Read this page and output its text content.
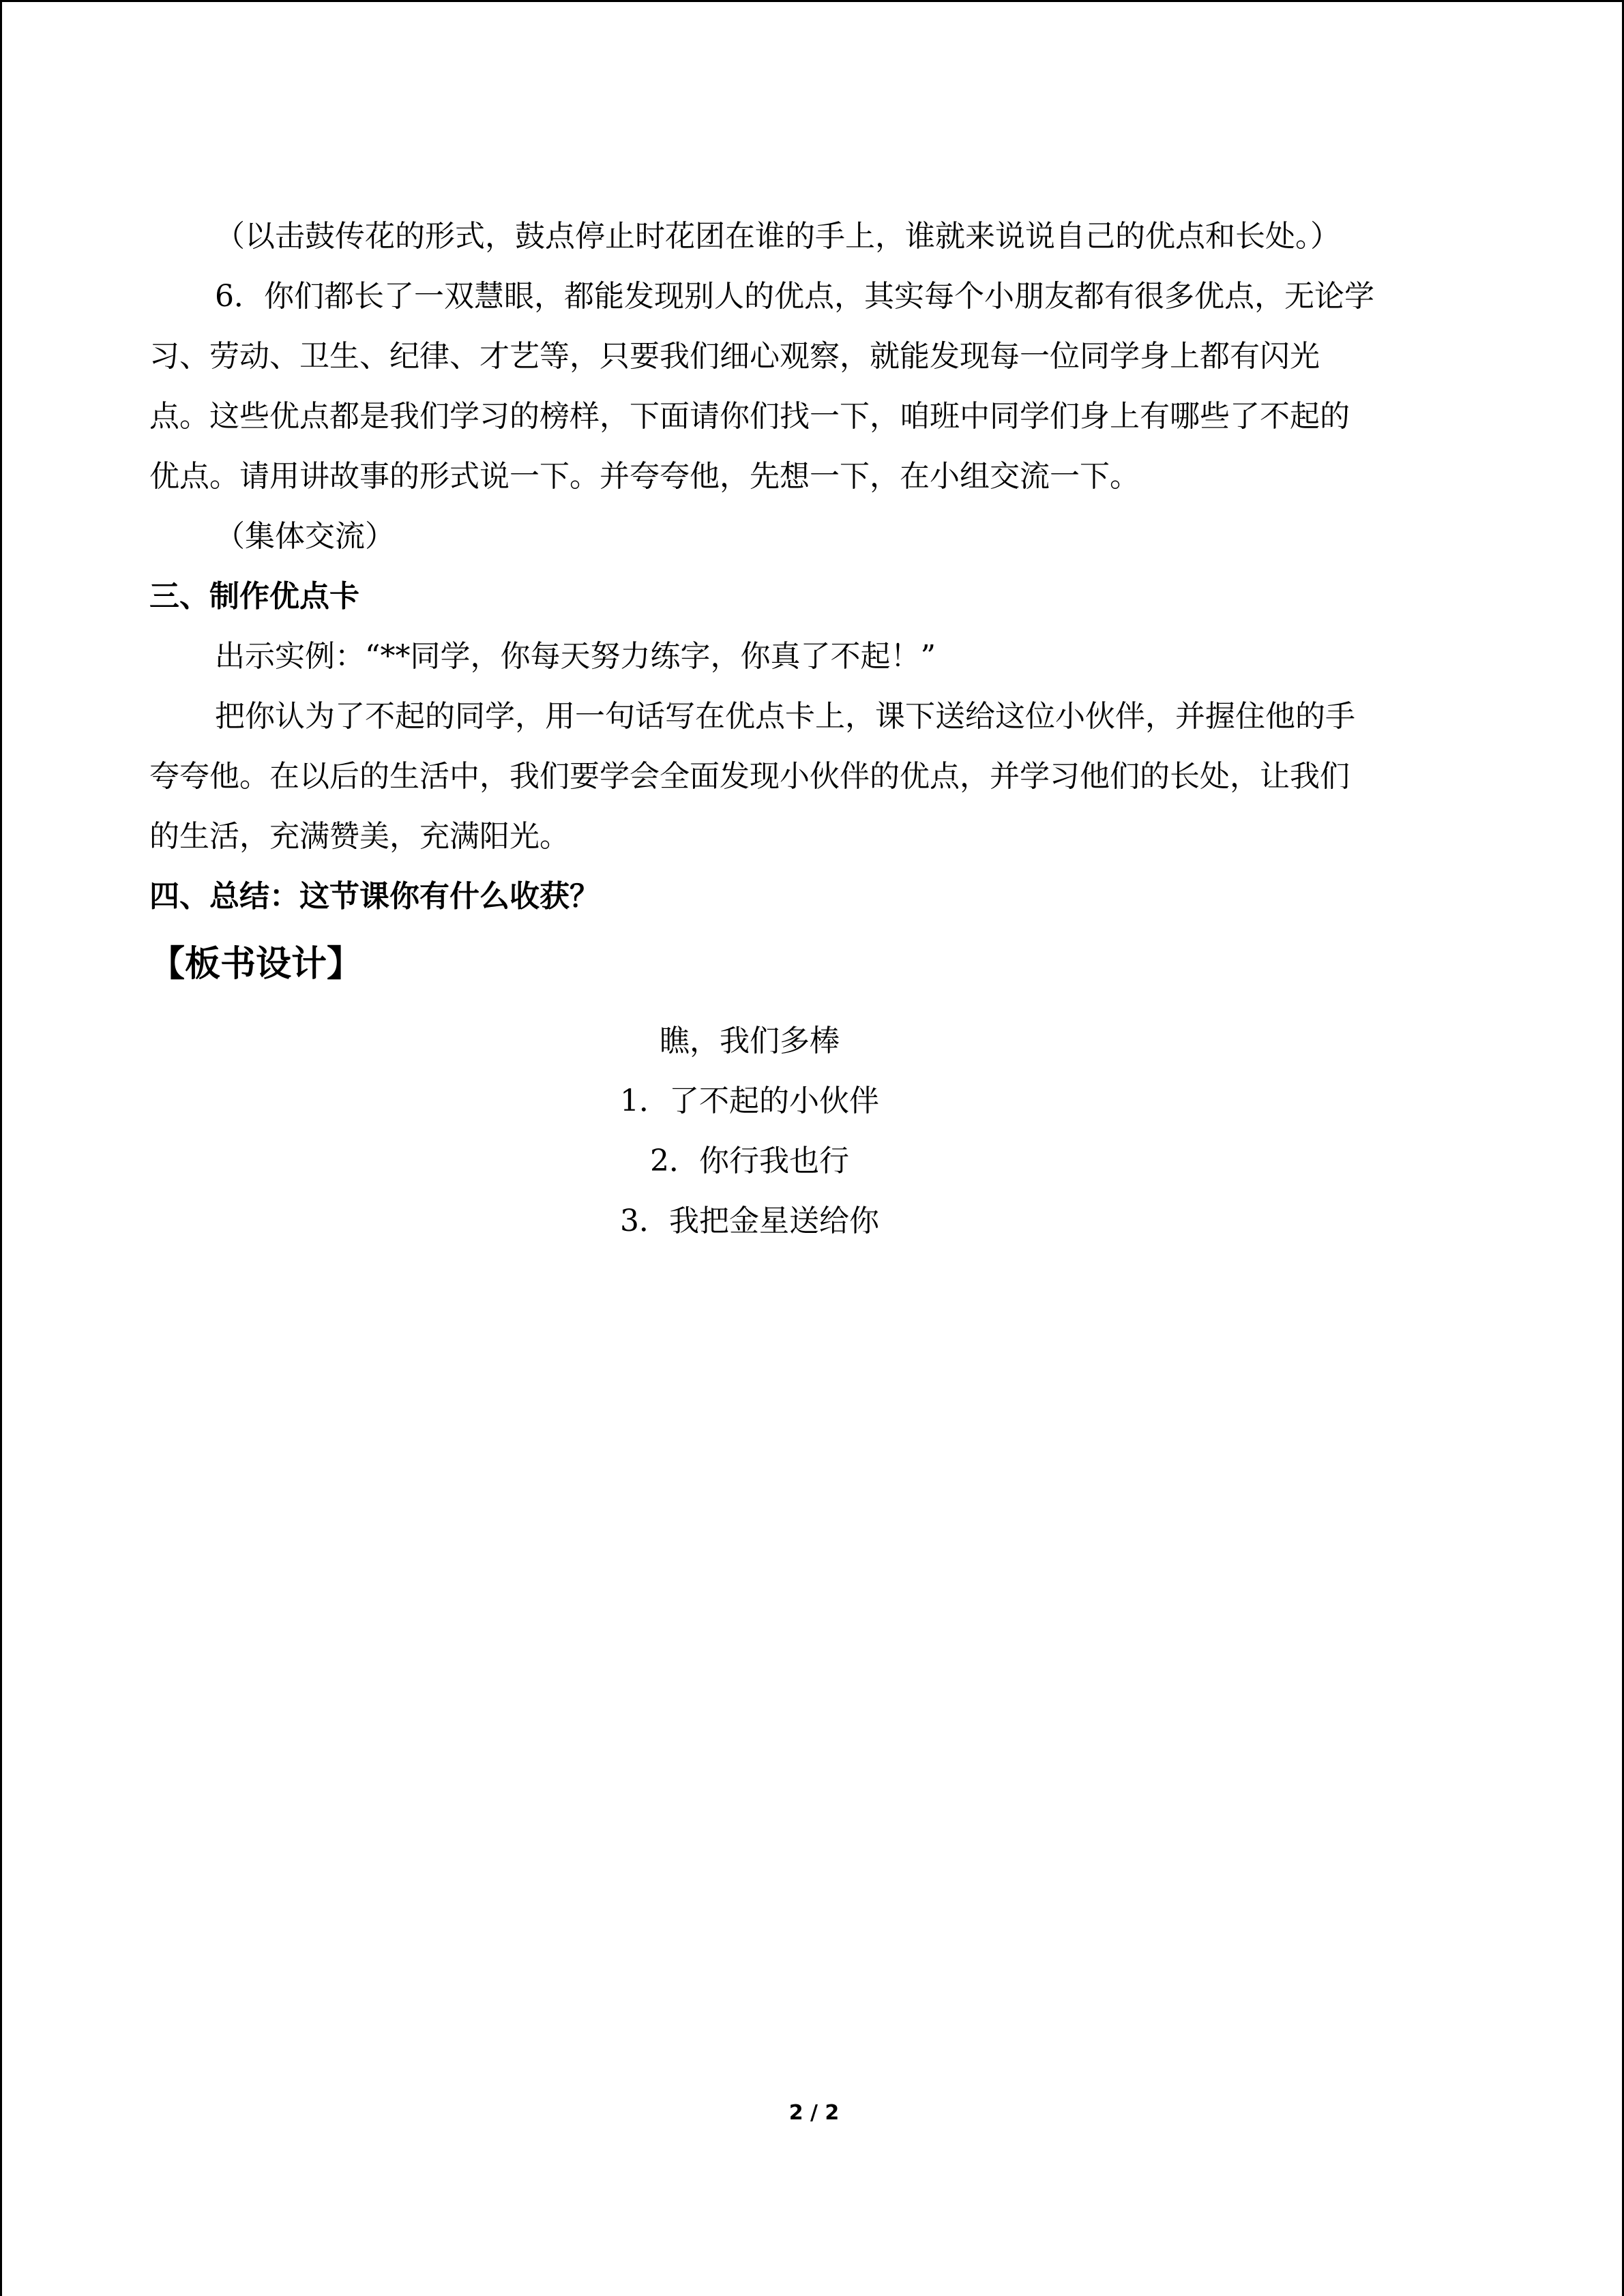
（以击鼓传花的形式，鼓点停止时花团在谁的手上，谁就来说说自己的优点和长处。）
6．你们都长了一双慧眼，都能发现别人的优点，其实每个小朋友都有很多优点，无论学
习、劳动、卫生、纪律、才艺等，只要我们细心观察，就能发现每一位同学身上都有闪光
点。这些优点都是我们学习的榜样，下面请你们找一下，咱班中同学们身上有哪些了不起的
优点。请用讲故事的形式说一下。并夸夸他，先想一下，在小组交流一下。
（集体交流）
三、制作优点卡
出示实例：“**同学，你每天努力练字，你真了不起！”
把你认为了不起的同学，用一句话写在优点卡上，课下送给这位小伙伴，并握住他的手
夸夸他。在以后的生活中，我们要学会全面发现小伙伴的优点，并学习他们的长处，让我们
的生活，充满赞美，充满阳光。
四、总结：这节课你有什么收获？
【板书设计】
瞧，我们多棒
1．了不起的小伙伴
2．你行我也行
3．我把金星送给你
2 / 2
